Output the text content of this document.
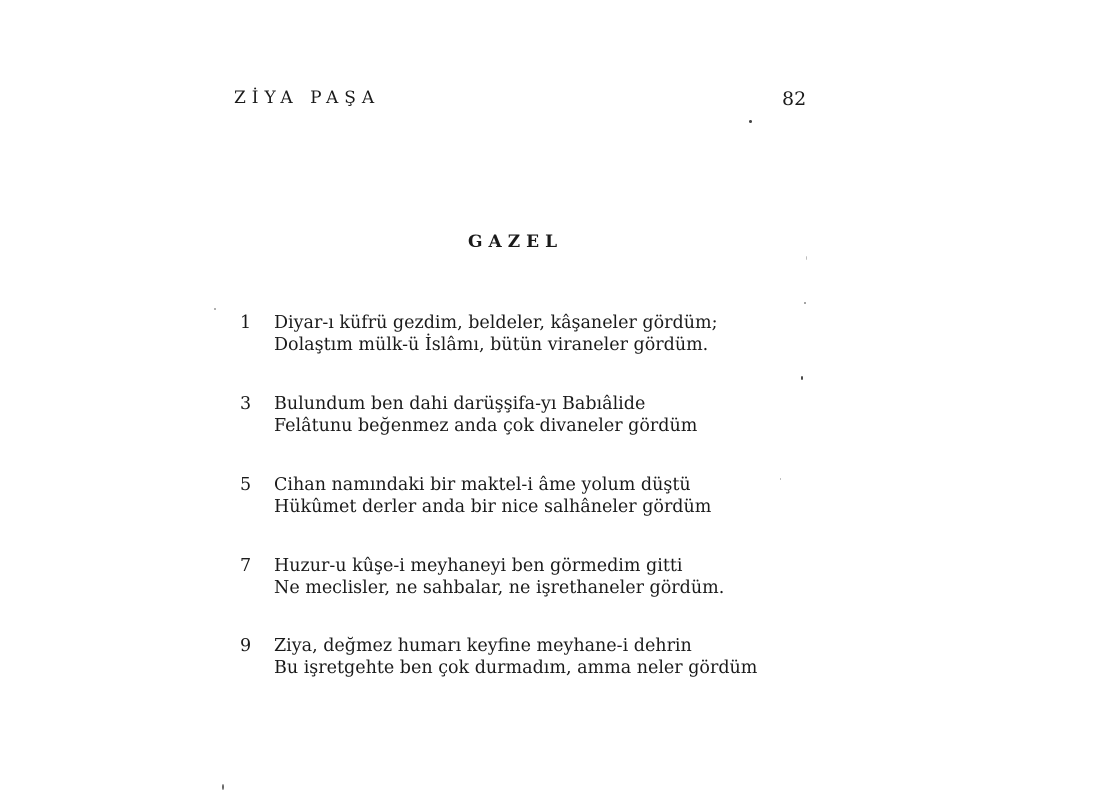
ZİYA PAŞA	82
GAZEL
1	Diyar-ı küfrü gezdim, beldeler, kâşaneler gördüm;
Dolaştım mülk-ü İslâmı, bütün viraneler gördüm.
3	Bulundum ben dahi darüşşifa-yı Babıâlide
Felâtunu beğenmez anda çok divaneler gördüm
5	Cihan namındaki bir maktel-i âme yolum düştü
Hükûmet derler anda bir nice salhâneler gördüm
7	Huzur-u kûşe-i meyhaneyi ben görmedim gitti
Ne meclisler, ne sahbalar, ne işrethaneler gördüm.
9	Ziya, değmez humarı keyfine meyhane-i dehrin
Bu işretgehte ben çok durmadım, amma neler gördüm
